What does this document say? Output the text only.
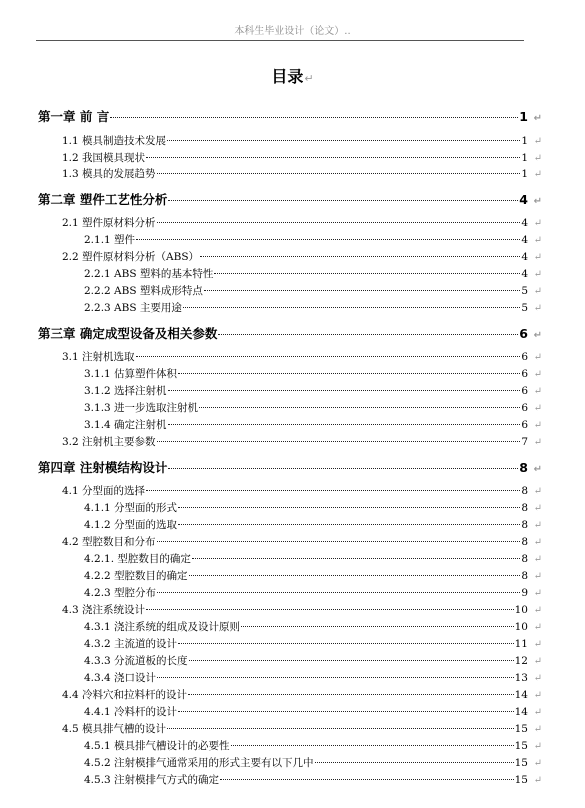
本科生毕业设计（论文）..
目录↵
第一章 前 言	1 ↵
1.1 模具制造技术发展	1 ↵
1.2 我国模具现状	1 ↵
1.3 模具的发展趋势	1 ↵
第二章 塑件工艺性分析	4 ↵
2.1 塑件原材料分析	4 ↵
2.1.1 塑件	4 ↵
2.2 塑件原材料分析（ABS）	4 ↵
2.2.1 ABS 塑料的基本特性	4 ↵
2.2.2 ABS 塑料成形特点	5 ↵
2.2.3 ABS 主要用途	5 ↵
第三章 确定成型设备及相关参数	6 ↵
3.1 注射机选取	6 ↵
3.1.1 估算塑件体积	6 ↵
3.1.2 选择注射机	6 ↵
3.1.3 进一步选取注射机	6 ↵
3.1.4 确定注射机	6 ↵
3.2 注射机主要参数	7 ↵
第四章 注射模结构设计	8 ↵
4.1 分型面的选择	8 ↵
4.1.1 分型面的形式	8 ↵
4.1.2 分型面的选取	8 ↵
4.2 型腔数目和分布	8 ↵
4.2.1. 型腔数目的确定	8 ↵
4.2.2 型腔数目的确定	8 ↵
4.2.3 型腔分布	9 ↵
4.3 浇注系统设计	10 ↵
4.3.1 浇注系统的组成及设计原则	10 ↵
4.3.2 主流道的设计	11 ↵
4.3.3 分流道板的长度	12 ↵
4.3.4 浇口设计	13 ↵
4.4 冷料穴和拉料杆的设计	14 ↵
4.4.1 冷料杆的设计	14 ↵
4.5 模具排气槽的设计	15 ↵
4.5.1 模具排气槽设计的必要性	15 ↵
4.5.2 注射模排气通常采用的形式主要有以下几中	15 ↵
4.5.3 注射模排气方式的确定	15 ↵
